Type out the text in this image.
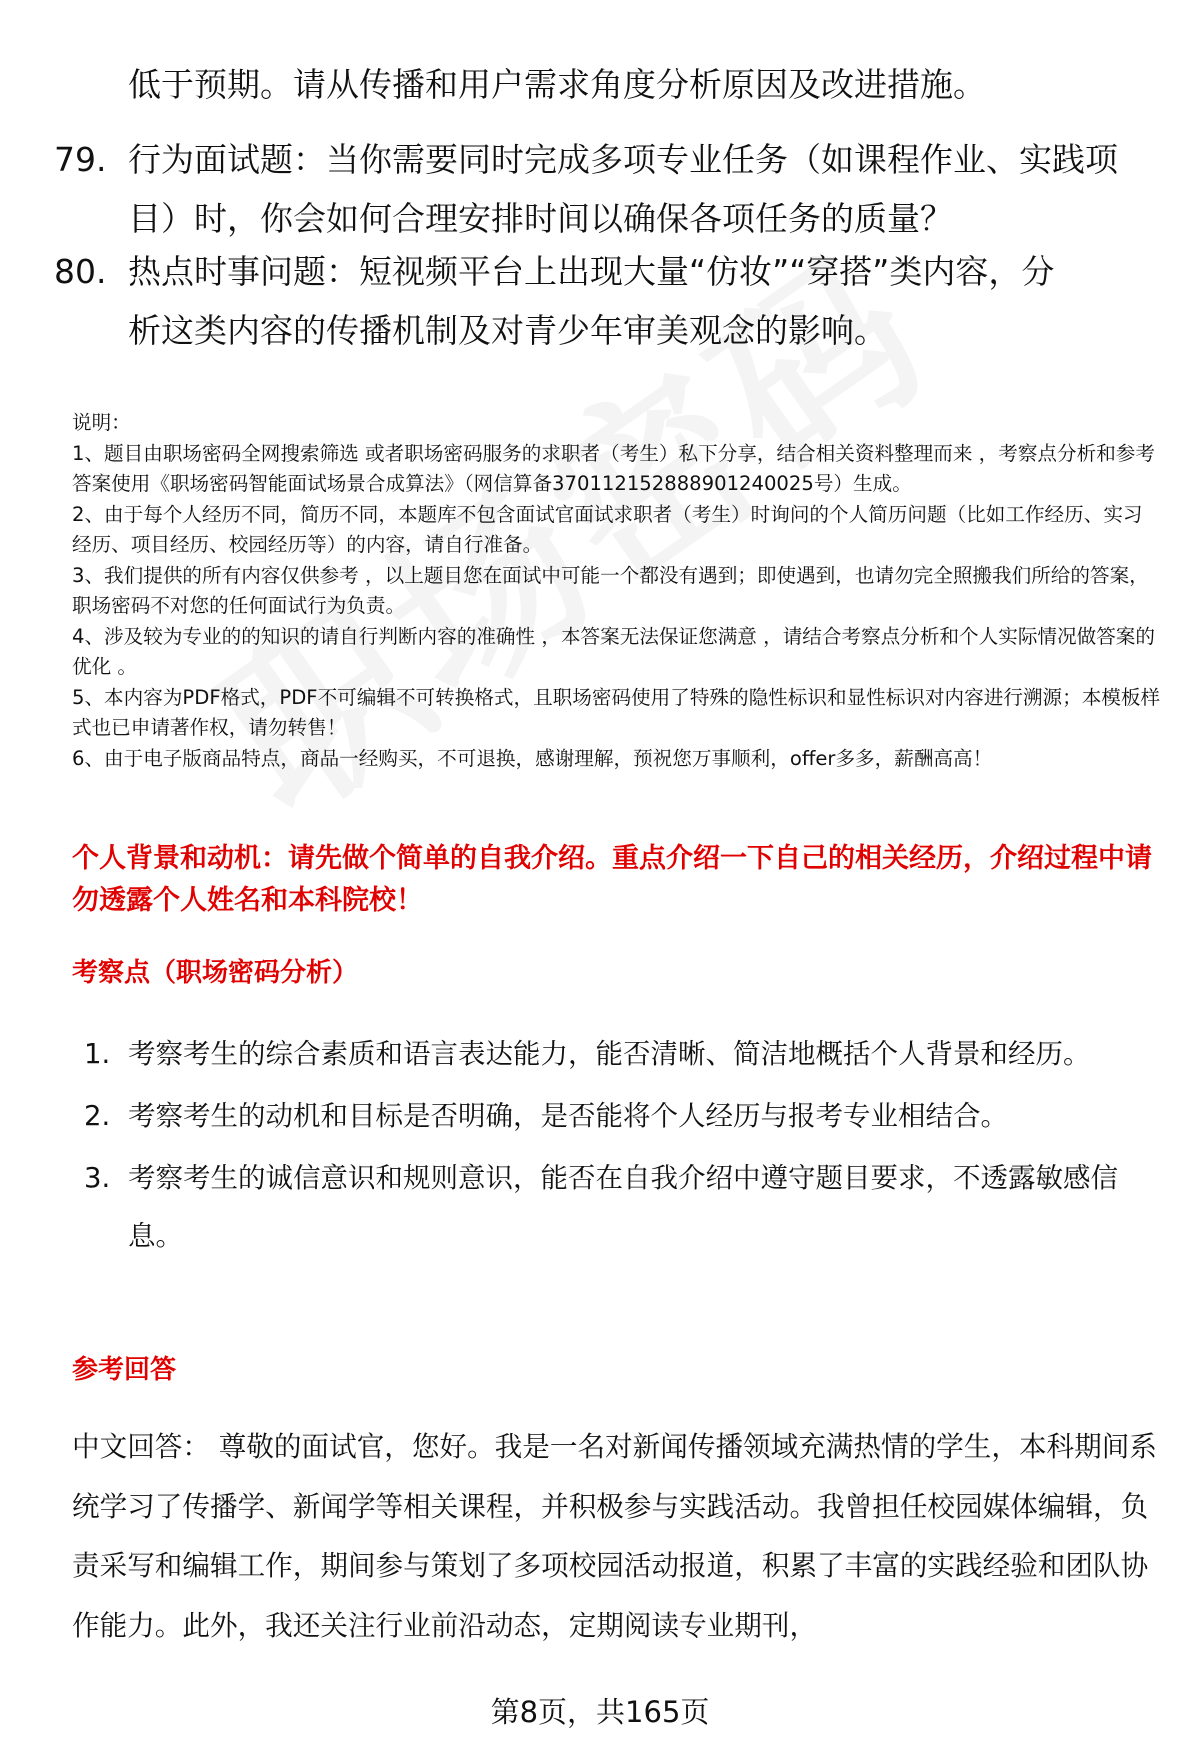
低于预期。请从传播和用户需求角度分析原因及改进措施。
79. 行为面试题：当你需要同时完成多项专业任务（如课程作业、实践项目）时，你会如何合理安排时间以确保各项任务的质量？
80. 热点时事问题：短视频平台上出现大量“仿妆”“穿搭”类内容，分析这类内容的传播机制及对青少年审美观念的影响。

说明：

1、题目由职场密码全网搜索筛选 或者职场密码服务的求职者（考生）私下分享，结合相关资料整理而来 ，考察点分析和参考答案使用《职场密码智能面试场景合成算法》（网信算备37011215288890124​0025号）生成。

2、由于每个人经历不同，简历不同，本题库不包含面试官面试求职者（考生）时询问的个人简历问题（比如工作经历、实习经历、项目经历、校园经历等）的内容，请自行准备。

3、我们提供的所有内容仅供参考 ，以上题目您在面试中可能一个都没有遇到；即使遇到，也请勿完全照搬我们所给的答案，职场密码不对您的任何面试行为负责。

4、涉及较为专业的的知识的请自行判断内容的准确性 ，本答案无法保证您满意 ，请结合考察点分析和个人实际情况做答案的优化 。

5、本内容为PDF格式，PDF不可编辑不可转换格式，且职场密码使用了特殊的隐性标识和显性标识对内容进行溯源；本模板样式也已申请著作权，请勿转售！

6、由于电子版商品特点，商品一经购买，不可退换，感谢理解，预祝您万事顺利，offer多多，薪酬高高！

个人背景和动机：请先做个简单的自我介绍。重点介绍一下自己的相关经历，介绍过程中请勿透露个人姓名和本科院校！
考察点（职场密码分析）
1. 考察考生的综合素质和语言表达能力，能否清晰、简洁地概括个人背景和经历。
2. 考察考生的动机和目标是否明确，是否能将个人经历与报考专业相结合。
3. 考察考生的诚信意识和规则意识，能否在自我介绍中遵守题目要求，不透露敏感信息。
参考回答
中文回答： 尊敬的面试官，您好。我是一名对新闻传播领域充满热情的学生，本科期间系统学习了传播学、新闻学等相关课程，并积极参与实践活动。我曾担任校园媒体编辑，负责采写和编辑工作，期间参与策划了多项校园活动报道，积累了丰富的实践经验和团队协作能力。此外，我还关注行业前沿动态，定期阅读专业期刊，
第8页，共165页
